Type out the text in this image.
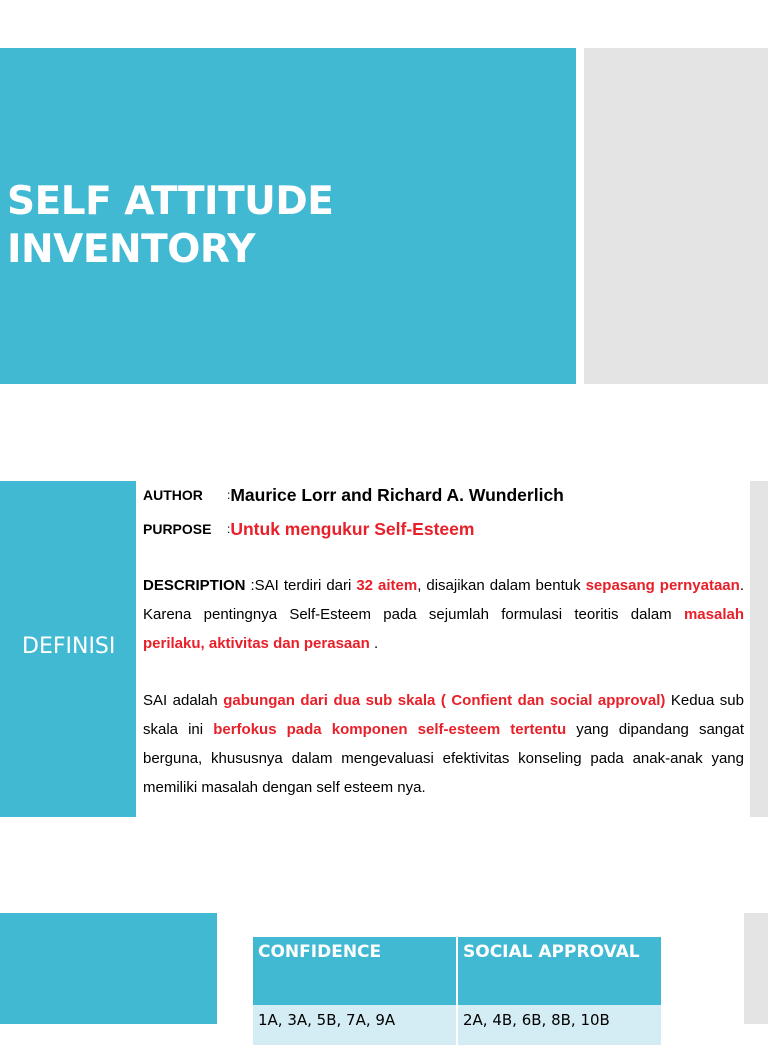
SELF ATTITUDE
INVENTORY
DEFINISI
AUTHOR	: Maurice Lorr and Richard A. Wunderlich
PURPOSE	: Untuk mengukur Self-Esteem

DESCRIPTION :SAI terdiri dari 32 aitem, disajikan dalam bentuk sepasang pernyataan. Karena pentingnya Self-Esteem pada sejumlah formulasi teoritis dalam masalah perilaku, aktivitas dan perasaan .

SAI adalah gabungan dari dua sub skala ( Confient dan social approval) Kedua sub skala ini berfokus pada komponen self-esteem tertentu yang dipandang sangat berguna, khususnya dalam mengevaluasi efektivitas konseling pada anak-anak yang memiliki masalah dengan self esteem nya.

CONFIDENCE	SOCIAL APPROVAL
1A, 3A, 5B, 7A, 9A	2A, 4B, 6B, 8B, 10B
